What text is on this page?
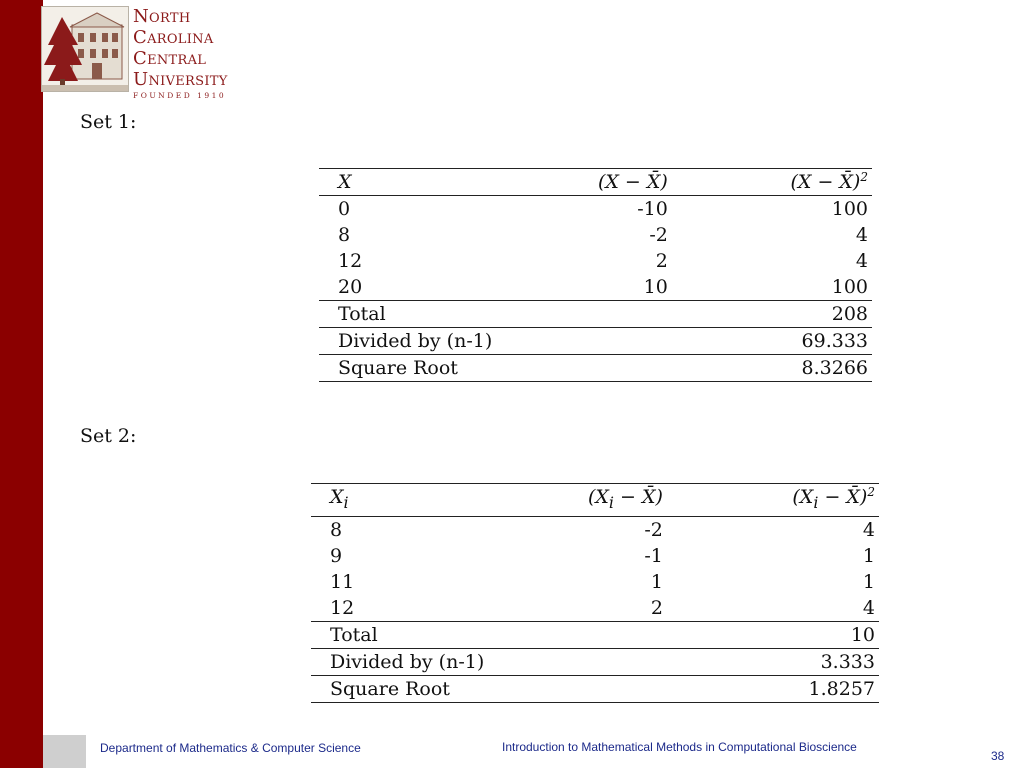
North
Carolina
Central
University
FOUNDED 1910
Set 1:
X	(X − X̄)	(X − X̄)$^2$
0	-10	100
8	-2	4
12	2	4
20	10	100
Total		208
Divided by (n-1)		69.333
Square Root		8.3266
Set 2:
$X_i$	($X_i$ − X̄)	($X_i$ − X̄)$^2$
8	-2	4
9	-1	1
11	1	1
12	2	4
Total		10
Divided by (n-1)		3.333
Square Root		1.8257
Department of Mathematics & Computer Science	Introduction to Mathematical Methods in Computational Bioscience
38
